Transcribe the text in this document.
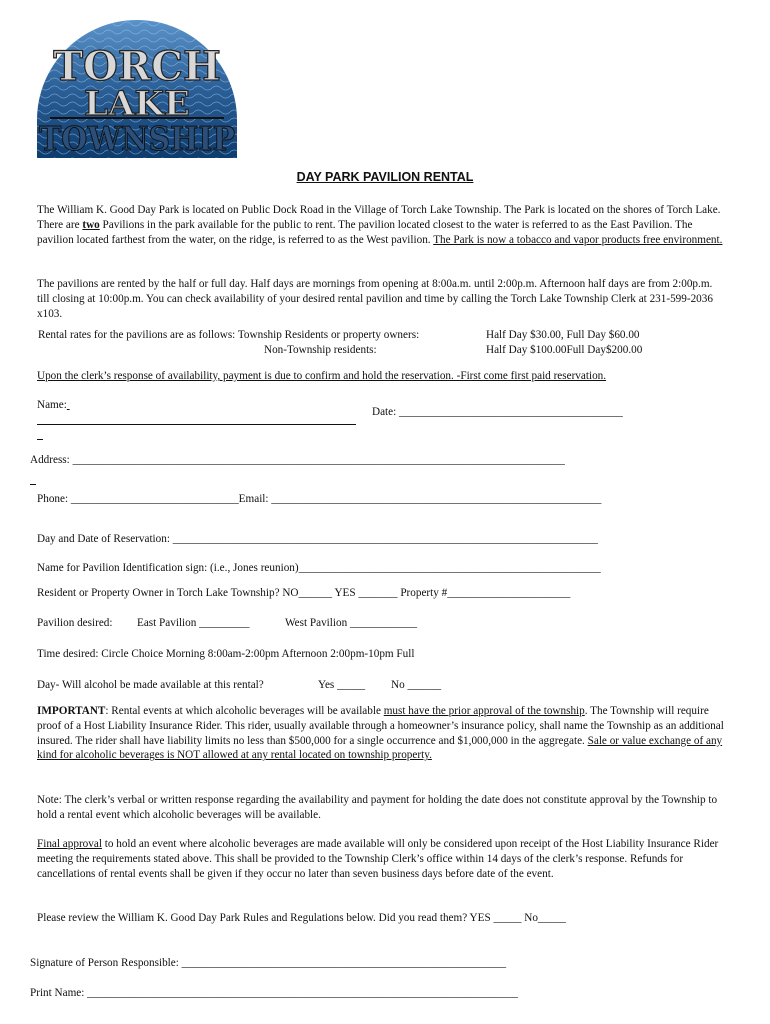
TORCH
LAKE
TOWNSHIP
DAY PARK PAVILION RENTAL
The William K. Good Day Park is located on Public Dock Road in the Village of Torch Lake Township. The Park is located on the shores of Torch Lake. There are two Pavilions in the park available for the public to rent. The pavilion located closest to the water is referred to as the East Pavilion. The pavilion located farthest from the water, on the ridge, is referred to as the West pavilion. The Park is now a tobacco and vapor products free environment.
The pavilions are rented by the half or full day. Half days are mornings from opening at 8:00a.m. until 2:00p.m. Afternoon half days are from 2:00p.m. till closing at 10:00p.m. You can check availability of your desired rental pavilion and time by calling the Torch Lake Township Clerk at 231-599-2036 x103.
Rental rates for the pavilions are as follows: Township Residents or property owners:
Non-Township residents:
Half Day $30.00, Full Day $60.00
Half Day $100.00Full Day$200.00
Upon the clerk’s response of availability, payment is due to confirm and hold the reservation. -First come first paid reservation.
Name:
Date: ________________________________________
Address: ________________________________________________________________________________________
Phone: ______________________________Email: ___________________________________________________________
Day and Date of Reservation: ____________________________________________________________________________
Name for Pavilion Identification sign: (i.e., Jones reunion)______________________________________________________
Resident or Property Owner in Torch Lake Township? NO______ YES _______ Property #______________________
Pavilion desired: East Pavilion _________	West Pavilion ____________
Time desired: Circle Choice Morning 8:00am-2:00pm Afternoon 2:00pm-10pm Full
Day- Will alcohol be made available at this rental?	Yes _____ No ______
IMPORTANT: Rental events at which alcoholic beverages will be available must have the prior approval of the township. The Township will require proof of a Host Liability Insurance Rider. This rider, usually available through a homeowner’s insurance policy, shall name the Township as an additional insured. The rider shall have liability limits no less than $500,000 for a single occurrence and $1,000,000 in the aggregate. Sale or value exchange of any kind for alcoholic beverages is NOT allowed at any rental located on township property.
Note: The clerk’s verbal or written response regarding the availability and payment for holding the date does not constitute approval by the Township to hold a rental event which alcoholic beverages will be available.
Final approval to hold an event where alcoholic beverages are made available will only be considered upon receipt of the Host Liability Insurance Rider meeting the requirements stated above. This shall be provided to the Township Clerk’s office within 14 days of the clerk’s response. Refunds for cancellations of rental events shall be given if they occur no later than seven business days before date of the event.
Please review the William K. Good Day Park Rules and Regulations below. Did you read them? YES _____ No_____
Signature of Person Responsible: __________________________________________________________
Print Name: _____________________________________________________________________________
